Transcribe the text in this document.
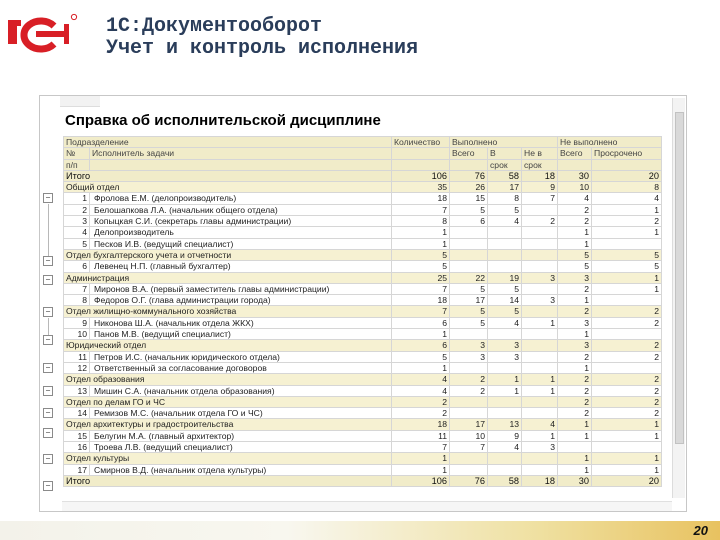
1С:Документооборот
Учет и контроль исполнения
Справка об исполнительской дисциплине
−
−
−
−
−
−
−
−
−
−
−
Подразделение		Количество	Выполнено			Не выполнено	
№	Исполнитель задачи		Всего	В	Не в	Всего	Просрочено
п/п				срок	срок		
Итого		106	76	58	18	30	20
Общий отдел		35	26	17	9	10	8
1	Фролова Е.М. (делопроизводитель)	18	15	8	7	4	4
2	Белошапкова Л.А. (начальник общего отдела)	7	5	5		2	1
3	Копыцкая С.И. (секретарь главы администрации)	8	6	4	2	2	2
4	Делопроизводитель	1				1	1
5	Песков И.В. (ведущий специалист)	1				1	
Отдел бухгалтерского учета и отчетности		5				5	5
6	Левенец Н.П. (главный бухгалтер)	5				5	5
Администрация		25	22	19	3	3	1
7	Миронов В.А. (первый заместитель главы администрации)	7	5	5		2	1
8	Федоров О.Г. (глава администрации города)	18	17	14	3	1	
Отдел жилищно-коммунального хозяйства		7	5	5		2	2
9	Никонова Ш.А. (начальник отдела ЖКХ)	6	5	4	1	3	2
10	Панов М.В. (ведущий специалист)	1				1	
Юридический отдел		6	3	3		3	2
11	Петров И.С. (начальник юридического отдела)	5	3	3		2	2
12	Ответственный за согласование договоров	1				1	
Отдел образования		4	2	1	1	2	2
13	Мишин С.А. (начальник отдела образования)	4	2	1	1	2	2
Отдел по делам ГО и ЧС		2				2	2
14	Ремизов М.С. (начальник отдела ГО и ЧС)	2				2	2
Отдел архитектуры и градостроительства		18	17	13	4	1	1
15	Белугин М.А. (главный архитектор)	11	10	9	1	1	1
16	Троева Л.В. (ведущий специалист)	7	7	4	3		
Отдел культуры		1				1	1
17	Смирнов В.Д. (начальник отдела культуры)	1				1	1
Итого		106	76	58	18	30	20
20
